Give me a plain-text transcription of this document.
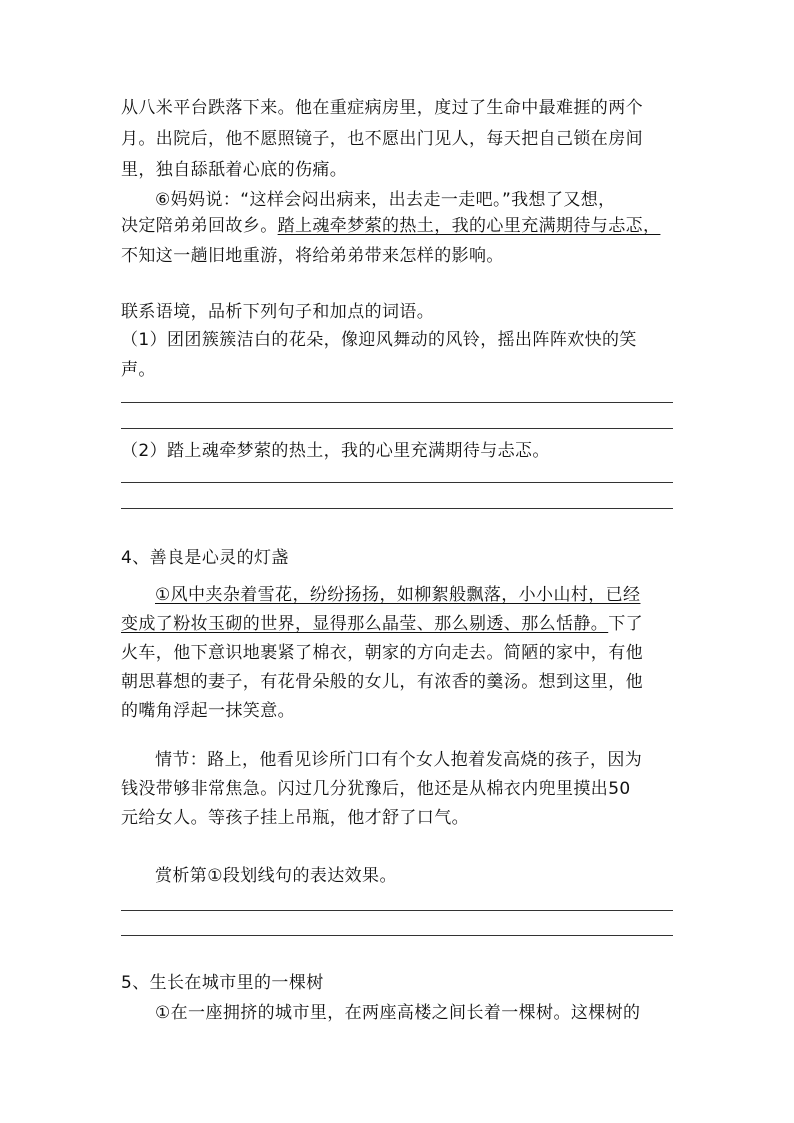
从八米平台跌落下来。他在重症病房里，度过了生命中最难捱的两个
月。出院后，他不愿照镜子，也不愿出门见人，每天把自己锁在房间
里，独自舔舐着心底的伤痛。
⑥妈妈说：“这样会闷出病来，出去走一走吧。”我想了又想，
决定陪弟弟回故乡。踏上魂牵梦萦的热土，我的心里充满期待与忐忑，
不知这一趟旧地重游，将给弟弟带来怎样的影响。
联系语境，品析下列句子和加点的词语。
（1）团团簇簇洁白的花朵，像迎风舞动的风铃，摇出阵阵欢快的笑
声。
（2）踏上魂牵梦萦的热土，我的心里充满期待与忐忑。
4、善良是心灵的灯盏
①风中夹杂着雪花，纷纷扬扬，如柳絮般飘落，小小山村，已经
变成了粉妆玉砌的世界，显得那么晶莹、那么剔透、那么恬静。下了
火车，他下意识地裹紧了棉衣，朝家的方向走去。简陋的家中，有他
朝思暮想的妻子，有花骨朵般的女儿，有浓香的羹汤。想到这里，他
的嘴角浮起一抹笑意。
情节：路上，他看见诊所门口有个女人抱着发高烧的孩子，因为
钱没带够非常焦急。闪过几分犹豫后，他还是从棉衣内兜里摸出50
元给女人。等孩子挂上吊瓶，他才舒了口气。
赏析第①段划线句的表达效果。
5、生长在城市里的一棵树
①在一座拥挤的城市里，在两座高楼之间长着一棵树。这棵树的
